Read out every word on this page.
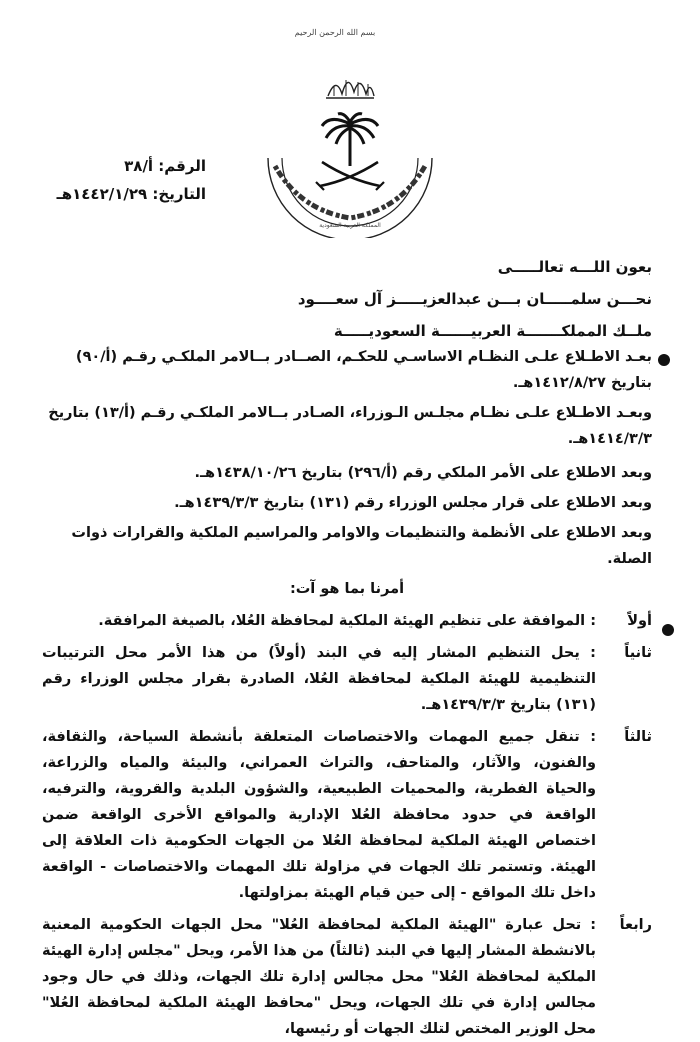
بسم الله الرحمن الرحيم
المملكة العربية السعودية
الرقم: أ/٣٨
التاريخ: ١٤٤٢/١/٢٩هـ
بعون اللـــه تعالـــــى
نحـــن سلمـــــان بـــن عبدالعزيـــــز آل سعــــود
ملــك المملكـــــــة العربيــــــة السعوديـــــة

بعـد الاطـلاع علـى النظـام الاساسـي للحكـم، الصــادر بــالامر الملكـي رقـم (أ/٩٠) بتاريخ ١٤١٢/٨/٢٧هـ.

وبعـد الاطـلاع علـى نظـام مجلـس الـوزراء، الصـادر بــالامر الملكـي رقـم (أ/١٣) بتاريخ ١٤١٤/٣/٣هـ.

وبعد الاطلاع على الأمر الملكي رقم (أ/٢٩٦) بتاريخ ١٤٣٨/١٠/٢٦هـ.

وبعد الاطلاع على قرار مجلس الوزراء رقم (١٣١) بتاريخ ١٤٣٩/٣/٣هـ.

وبعد الاطلاع على الأنظمة والتنظيمات والاوامر والمراسيم الملكية والقرارات ذوات الصلة.

أمرنا بما هو آت:

أولاً
: الموافقة على تنظيم الهيئة الملكية لمحافظة العُلا، بالصيغة المرافقة.
ثانياً
: يحل التنظيم المشار إليه في البند (أولاً) من هذا الأمر محل الترتيبات التنظيمية للهيئة الملكية لمحافظة العُلا، الصادرة بقرار مجلس الوزراء رقم (١٣١) بتاريخ ١٤٣٩/٣/٣هـ.
ثالثاً
: تنقل جميع المهمات والاختصاصات المتعلقة بأنشطة السياحة، والثقافة، والفنون، والآثار، والمتاحف، والتراث العمراني، والبيئة والمياه والزراعة، والحياة الفطرية، والمحميات الطبيعية، والشؤون البلدية والقروية، والترفيه، الواقعة في حدود محافظة العُلا الإدارية والمواقع الأخرى الواقعة ضمن اختصاص الهيئة الملكية لمحافظة العُلا من الجهات الحكومية ذات العلاقة إلى الهيئة. وتستمر تلك الجهات في مزاولة تلك المهمات والاختصاصات - الواقعة داخل تلك المواقع - إلى حين قيام الهيئة بمزاولتها.
رابعاً
: تحل عبارة "الهيئة الملكية لمحافظة العُلا" محل الجهات الحكومية المعنية بالانشطة المشار إليها في البند (ثالثاً) من هذا الأمر، ويحل "مجلس إدارة الهيئة الملكية لمحافظة العُلا" محل مجالس إدارة تلك الجهات، وذلك في حال وجود مجالس إدارة في تلك الجهات، ويحل "محافظ الهيئة الملكية لمحافظة العُلا" محل الوزير المختص لتلك الجهات أو رئيسها،
